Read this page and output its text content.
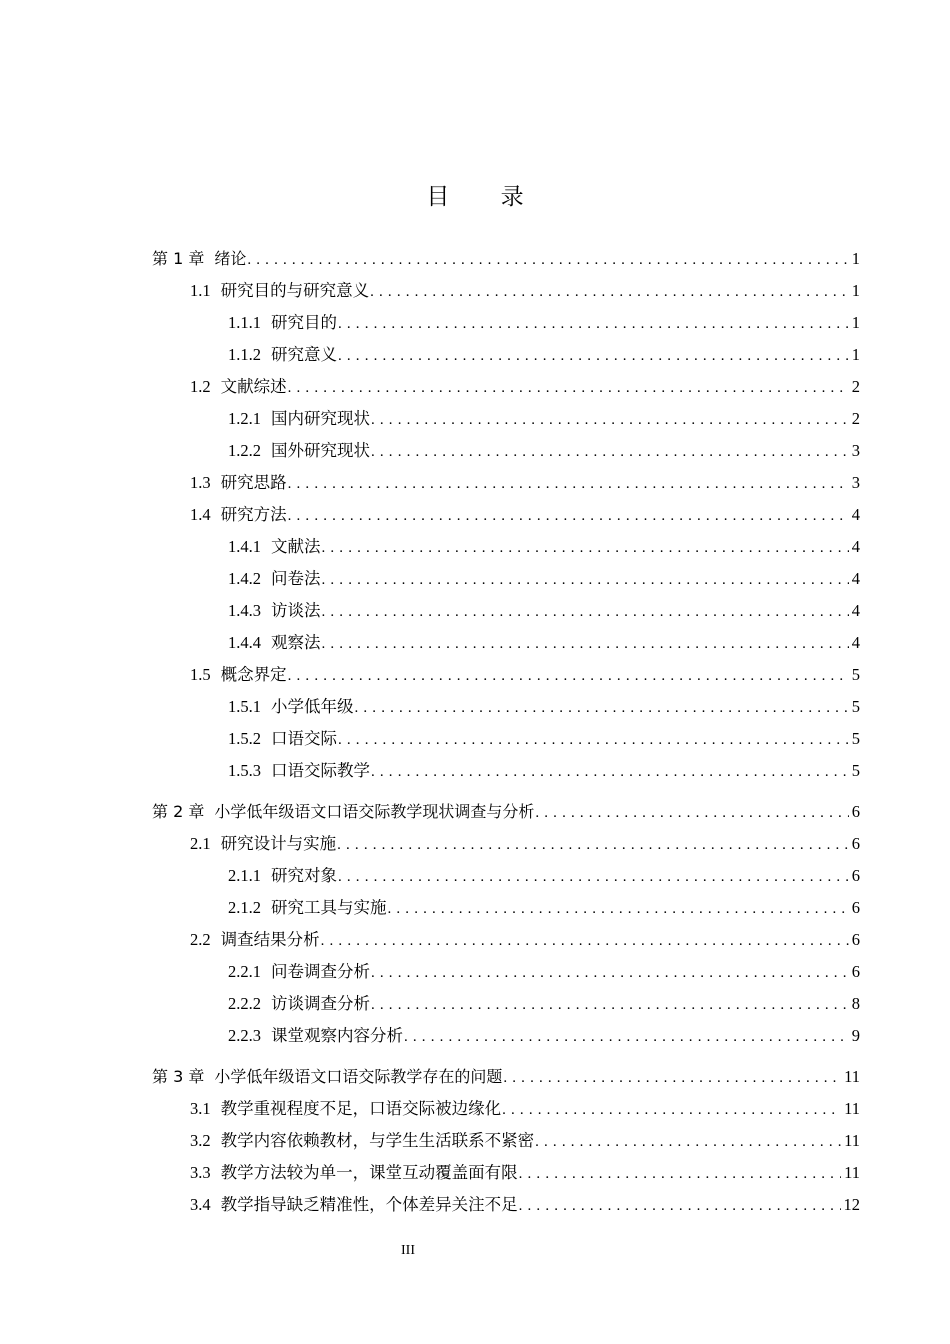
目 录
第 1 章 绪论 . . .	1
1.1 研究目的与研究意义 . . .	1
1.1.1 研究目的 . . .	1
1.1.2 研究意义 . . .	1
1.2 文献综述 . . .	2
1.2.1 国内研究现状 . . .	2
1.2.2 国外研究现状 . . .	3
1.3 研究思路 . . .	3
1.4 研究方法 . . .	4
1.4.1 文献法 . . .	4
1.4.2 问卷法 . . .	4
1.4.3 访谈法 . . .	4
1.4.4 观察法 . . .	4
1.5 概念界定 . . .	5
1.5.1 小学低年级 . . .	5
1.5.2 口语交际 . . .	5
1.5.3 口语交际教学 . . .	5
第 2 章 小学低年级语文口语交际教学现状调查与分析 . . .	6
2.1 研究设计与实施 . . .	6
2.1.1 研究对象 . . .	6
2.1.2 研究工具与实施 . . .	6
2.2 调查结果分析 . . .	6
2.2.1 问卷调查分析 . . .	6
2.2.2 访谈调查分析 . . .	8
2.2.3 课堂观察内容分析 . . .	9
第 3 章 小学低年级语文口语交际教学存在的问题 . . .	11
3.1 教学重视程度不足，口语交际被边缘化 . . .	11
3.2 教学内容依赖教材，与学生生活联系不紧密 . . .	11
3.3 教学方法较为单一，课堂互动覆盖面有限 . . .	11
3.4 教学指导缺乏精准性，个体差异关注不足 . . .	12
III
